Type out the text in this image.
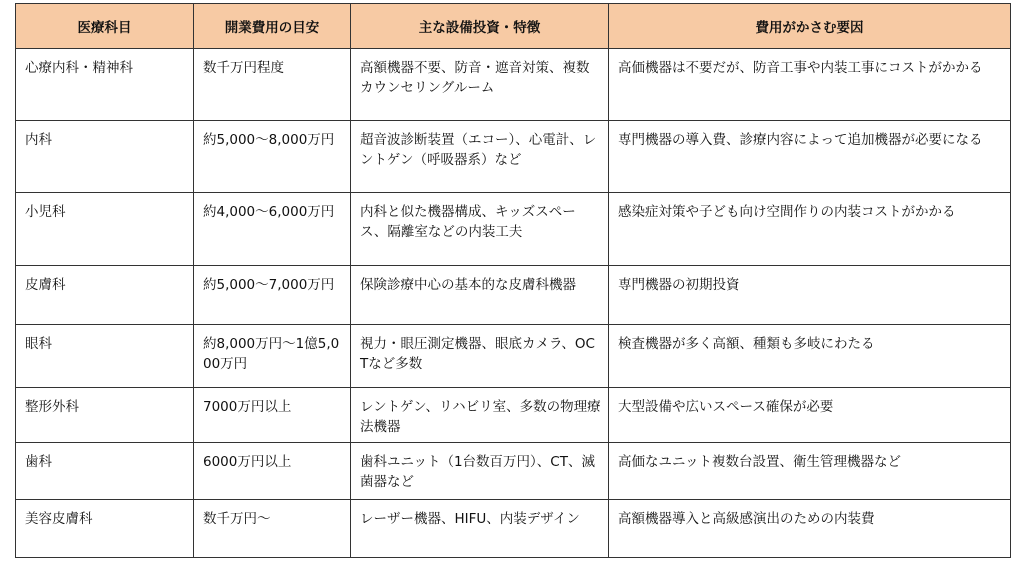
医療科目	開業費用の目安	主な設備投資・特徴	費用がかさむ要因
心療内科・精神科	数千万円程度	高額機器不要、防音・遮音対策、複数カウンセリングルーム	高価機器は不要だが、防音工事や内装工事にコストがかかる
内科	約5,000〜8,000万円	超音波診断装置（エコー）、心電計、レントゲン（呼吸器系）など	専門機器の導入費、診療内容によって追加機器が必要になる
小児科	約4,000〜6,000万円	内科と似た機器構成、キッズスペース、隔離室などの内装工夫	感染症対策や子ども向け空間作りの内装コストがかかる
皮膚科	約5,000〜7,000万円	保険診療中心の基本的な皮膚科機器	専門機器の初期投資
眼科	約8,000万円〜1億5,000万円	視力・眼圧測定機器、眼底カメラ、OCTなど多数	検査機器が多く高額、種類も多岐にわたる
整形外科	7000万円以上	レントゲン、リハビリ室、多数の物理療法機器	大型設備や広いスペース確保が必要
歯科	6000万円以上	歯科ユニット（1台数百万円）、CT、滅菌器など	高価なユニット複数台設置、衛生管理機器など
美容皮膚科	数千万円〜	レーザー機器、HIFU、内装デザイン	高額機器導入と高級感演出のための内装費
